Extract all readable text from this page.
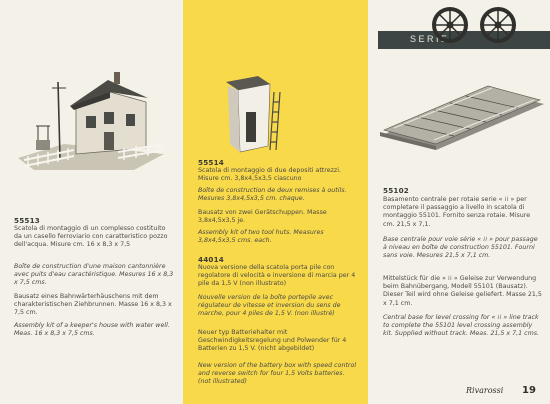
SERIE
55513
Scatola di montaggio di un complesso costituito da un casello ferroviario con caratteristico pozzo dell'acqua. Misure cm. 16 x 8,3 x 7,5
Boîte de construction d'une maison cantonnière avec puits d'eau caractéristique. Mesures 16 x 8,3 x 7,5 cms.
Bausatz eines Bahnwärterhäuschens mit dem charakteristischen Ziehbrunnen. Masse 16 x 8,3 x 7,5 cm.
Assembly kit of a keeper's house with water well. Meas. 16 x 8,3 x 7,5 cms.
55514
Scatola di montaggio di due depositi attrezzi. Misure cm. 3,8x4,5x3,5 ciascuno
Boîte de construction de deux remises à outils. Mesures 3,8x4,5x3,5 cm. chaque.
Bausatz von zwei Gerätschuppen. Masse 3,8x4,5x3,5 je.
Assembly kit of two tool huts. Measures 3,8x4,5x3,5 cms. each.
44014
Nuova versione della scatola porta pile con regolatore di velocità e inversione di marcia per 4 pile da 1,5 V (non illustrato)
Nouvelle version de la boîte portepile avec régulateur de vitesse et inversion du sens de marche, pour 4 piles de 1,5 V. (non illustré)
Neuer typ Batteriehalter mit Geschwindigkeitsregelung und Polwender für 4 Batterien zu 1,5 V. (nicht abgebildet)
New version of the battery box with speed control and reverse switch for four 1,5 Volts batteries. (not illustrated)
55102
Basamento centrale per rotaie serie « ⁞⁞ » per completare il passaggio a livello in scatola di montaggio 55101. Fornito senza rotaie. Misure cm. 21,5 x 7,1.
Base centrale pour voie série « ⁞⁞ » pour passage à niveau en boîte de construction 55101. Fourni sans voie. Mesures 21,5 x 7,1 cm.
Mittelstück für die « ⁞⁞ » Geleise zur Verwendung beim Bahnübergang, Modell 55101 (Bausatz). Dieser Teil wird ohne Geleise geliefert. Masse 21,5 x 7,1 cm.
Central base for level crossing for « ⁞⁞ » line track to complete the 55101 level crossing assembly kit. Supplied without track. Meas. 21,5 x 7,1 cms.
Rivarossi 19
